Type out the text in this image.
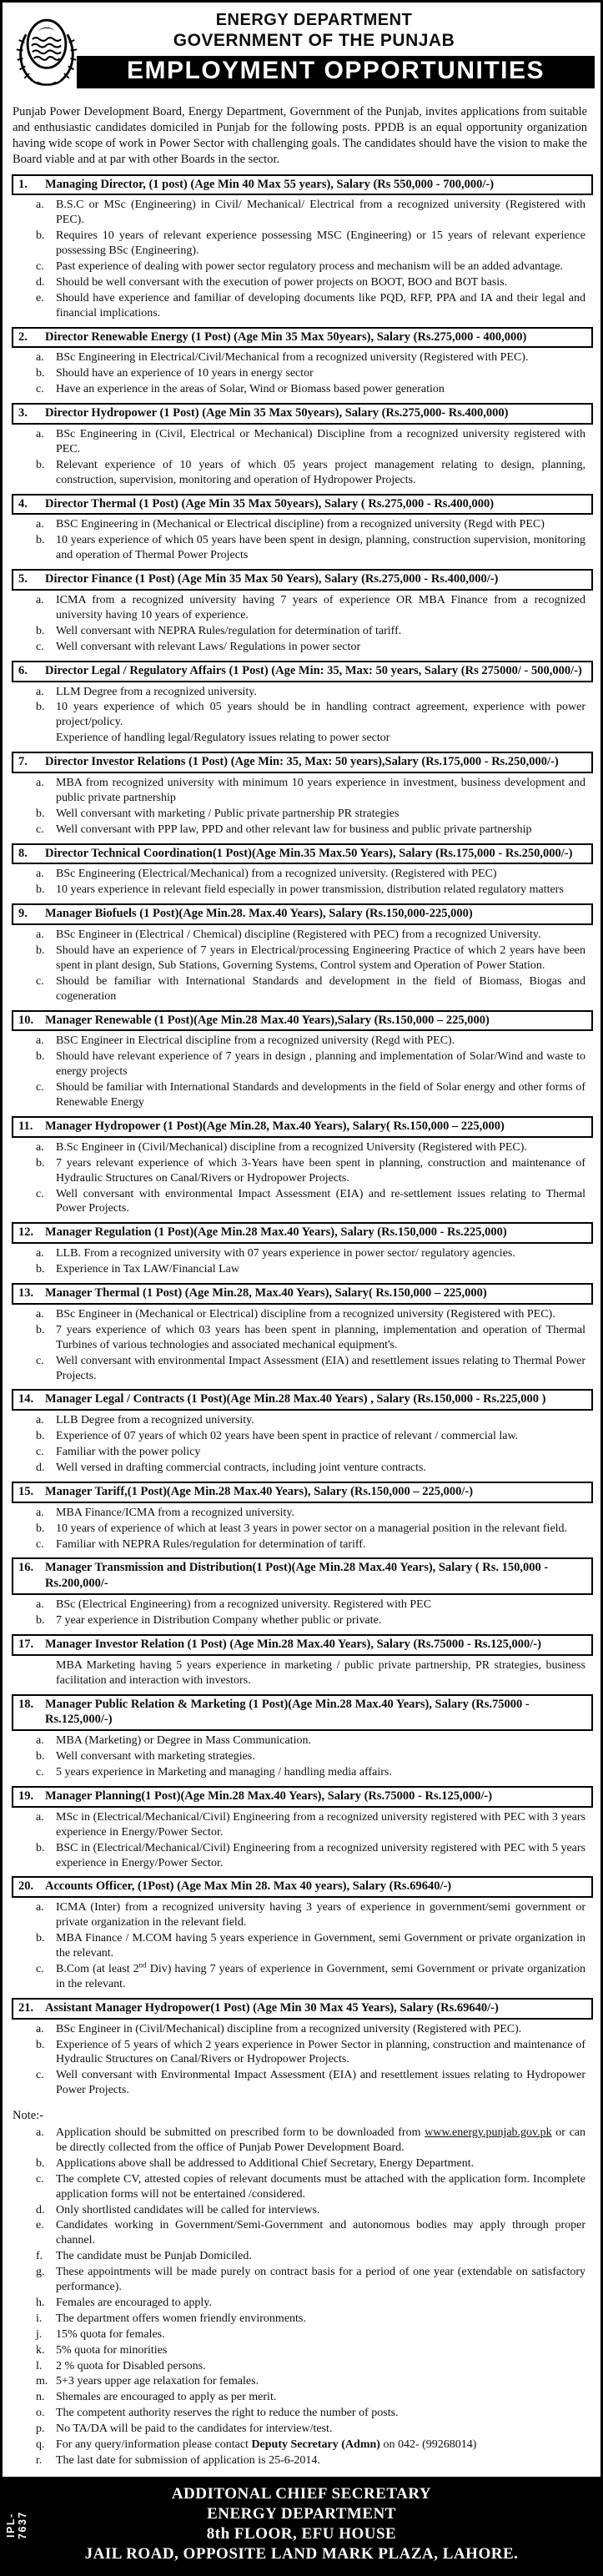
ENERGY DEPARTMENT
GOVERNMENT OF THE PUNJAB
EMPLOYMENT OPPORTUNITIES

Punjab Power Development Board, Energy Department, Government of the Punjab, invites applications from suitable and enthusiastic candidates domiciled in Punjab for the following posts. PPDB is an equal opportunity organization having wide scope of work in Power Sector with challenging goals. The candidates should have the vision to make the Board viable and at par with other Boards in the sector.

1.	Managing Director, (1 post) (Age Min 40 Max 55 years), Salary (Rs 550,000 - 700,000/-)
a.	B.S.C or MSc (Engineering) in Civil/ Mechanical/ Electrical from a recognized university (Registered with PEC).
b. Requires 10 years of relevant experience possessing MSC (Engineering) or 15 years of relevant experience possessing BSc (Engineering).
c.	Past experience of dealing with power sector regulatory process and mechanism will be an added advantage.
d. Should be well conversant with the execution of power projects on BOOT, BOO and BOT basis.
e.	Should have experience and familiar of developing documents like PQD, RFP, PPA and IA and their legal and financial implications.
2.	Director Renewable Energy (1 Post) (Age Min 35 Max 50years), Salary (Rs.275,000 - 400,000)
a.	BSc Engineering in Electrical/Civil/Mechanical from a recognized university (Registered with PEC).
b. Should have an experience of 10 years in energy sector
c.	Have an experience in the areas of Solar, Wind or Biomass based power generation
3.	Director Hydropower (1 Post) (Age Min 35 Max 50years), Salary (Rs.275,000- Rs.400,000)
a.	BSc Engineering in (Civil, Electrical or Mechanical) Discipline from a recognized university registered with PEC.
b. Relevant experience of 10 years of which 05 years project management relating to design, planning, construction, supervision, monitoring and operation of Hydropower Projects.
4.	Director Thermal (1 Post) (Age Min 35 Max 50years), Salary ( Rs.275,000 - Rs.400,000)
a.	BSC Engineering in (Mechanical or Electrical discipline) from a recognized university (Regd with PEC)
b. 10 years experience of which 05 years have been spent in design, planning, construction supervision, monitoring and operation of Thermal Power Projects
5.	Director Finance (1 Post) (Age Min 35 Max 50 Years), Salary (Rs.275,000 - Rs.400,000/-)
a.	ICMA from a recognized university having 7 years of experience OR MBA Finance from a recognized university having 10 years of experience.
b. Well conversant with NEPRA Rules/regulation for determination of tariff.
c.	Well conversant with relevant Laws/ Regulations in power sector
6.	Director Legal / Regulatory Affairs (1 Post) (Age Min: 35, Max: 50 years, Salary (Rs 275000/ - 500,000/-)
a.	LLM Degree from a recognized university.
b. 10 years experience of which 05 years should be in handling contract agreement, experience with power project/policy.
Experience of handling legal/Regulatory issues relating to power sector
7.	Director Investor Relations (1 Post) (Age Min: 35, Max: 50 years),Salary (Rs.175,000 - Rs.250,000/-)
a.	MBA from recognized university with minimum 10 years experience in investment, business development and public private partnership
b. Well conversant with marketing / Public private partnership PR strategies
c.	Well conversant with PPP law, PPD and other relevant law for business and public private partnership
8.	Director Technical Coordination(1 Post)(Age Min.35 Max.50 Years), Salary (Rs.175,000 - Rs.250,000/-)
a.	BSc Engineering (Electrical/Mechanical) from a recognized university. (Registered with PEC)
b. 10 years experience in relevant field especially in power transmission, distribution related regulatory matters
9.	Manager Biofuels (1 Post)(Age Min.28. Max.40 Years), Salary (Rs.150,000-225,000)
a.	BSc Engineer in (Electrical / Chemical) discipline (Registered with PEC) from a recognized University.
b. Should have an experience of 7 years in Electrical/processing Engineering Practice of which 2 years have been spent in plant design, Sub Stations, Governing Systems, Control system and Operation of Power Station.
c.	Should be familiar with International Standards and development in the field of Biomass, Biogas and cogeneration
10. Manager Renewable (1 Post)(Age Min.28 Max.40 Years),Salary (Rs.150,000 – 225,000)
a.	BSC Engineer in Electrical discipline from a recognized university (Regd with PEC).
b. Should have relevant experience of 7 years in design , planning and implementation of Solar/Wind and waste to energy projects
c.	Should be familiar with International Standards and developments in the field of Solar energy and other forms of Renewable Energy
11.	Manager Hydropower (1 Post)(Age Min.28, Max.40 Years), Salary( Rs.150,000 – 225,000)
a.	B.Sc Engineer in (Civil/Mechanical) discipline from a recognized University (Registered with PEC).
b. 7 years relevant experience of which 3-Years have been spent in planning, construction and maintenance of Hydraulic Structures on Canal/Rivers or Hydropower Projects.
c.	Well conversant with environmental Impact Assessment (EIA) and re-settlement issues relating to Thermal Power Projects.
12. Manager Regulation (1 Post)(Age Min.28 Max.40 Years), Salary (Rs.150,000 - Rs.225,000)
a.	LLB. From a recognized university with 07 years experience in power sector/ regulatory agencies.
b. Experience in Tax LAW/Financial Law
13. Manager Thermal (1 Post) (Age Min.28, Max.40 Years), Salary( Rs.150,000 – 225,000)
a.	BSc Engineer in (Mechanical or Electrical) discipline from a recognized university (Registered with PEC).
b. 7 years experience of which 03 years has been spent in planning, implementation and operation of Thermal Turbines of various technologies and associated mechanical equipment's.
c.	Well conversant with environmental Impact Assessment (EIA) and resettlement issues relating to Thermal Power Projects.
14. Manager Legal / Contracts (1 Post)(Age Min.28 Max.40 Years) , Salary (Rs.150,000 - Rs.225,000 )
a.	LLB Degree from a recognized university.
b. Experience of 07 years of which 02 years have been spent in practice of relevant / commercial law.
c.	Familiar with the power policy
d. Well versed in drafting commercial contracts, including joint venture contracts.
15. Manager Tariff,(1 Post)(Age Min.28 Max.40 Years), Salary (Rs.150,000 – 225,000/-)
a.	MBA Finance/ICMA from a recognized university.
b. 10 years of experience of which at least 3 years in power sector on a managerial position in the relevant field.
c.	Familiar with NEPRA Rules/regulation for determination of tariff.
16. Manager Transmission and Distribution(1 Post)(Age Min.28 Max.40 Years), Salary ( Rs. 150,000 - Rs.200,000/-
a.	BSc (Electrical Engineering) from a recognized university. Registered with PEC
b. 7 year experience in Distribution Company whether public or private.
17. Manager Investor Relation (1 Post) (Age Min.28 Max.40 Years), Salary (Rs.75000 - Rs.125,000/-)
MBA Marketing having 5 years experience in marketing / public private partnership, PR strategies, business facilitation and interaction with investors.
18. Manager Public Relation & Marketing (1 Post)(Age Min.28 Max.40 Years), Salary (Rs.75000 - Rs.125,000/-)
a.	MBA (Marketing) or Degree in Mass Communication.
b. Well conversant with marketing strategies.
c.	5 years experience in Marketing and managing / handling media affairs.
19. Manager Planning(1 Post)(Age Min.28 Max.40 Years), Salary (Rs.75000 - Rs.125,000/-)
a.	MSc in (Electrical/Mechanical/Civil) Engineering from a recognized university registered with PEC with 3 years experience in Energy/Power Sector.
b. BSC in (Electrical/Mechanical/Civil) Engineering from a recognized university registered with PEC with 5 years experience in Energy/Power Sector.
20. Accounts Officer, (1Post) (Age Max Min 28. Max 40 years), Salary (Rs.69640/-)
a.	ICMA (Inter) from a recognized university having 3 years of experience in government/semi government or private organization in the relevant field.
b. MBA Finance / M.COM having 5 years experience in Government, semi Government or private organization in the relevant.
c.	B.Com (at least 2nd Div) having 7 years of experience in Government, semi Government or private organization in the relevant.
21. Assistant Manager Hydropower(1 Post) (Age Min 30 Max 45 Years), Salary (Rs.69640/-)
a.	BSc Engineer in (Civil/Mechanical) discipline from a recognized university (Registered with PEC).
b. Experience of 5 years of which 2 years experience in Power Sector in planning, construction and maintenance of Hydraulic Structures on Canal/Rivers or Hydropower Projects.
c.	Well conversant with Environmental Impact Assessment (EIA) and resettlement issues relating to Hydropower Power Projects.
Note:-
a.	Application should be submitted on prescribed form to be downloaded from www.energy.punjab.gov.pk or can be directly collected from the office of Punjab Power Development Board.
b. Applications above shall be addressed to Additional Chief Secretary, Energy Department.
c.	The complete CV, attested copies of relevant documents must be attached with the application form. Incomplete application forms will not be entertained /considered.
d. Only shortlisted candidates will be called for interviews.
e.	Candidates working in Government/Semi-Government and autonomous bodies may apply through proper channel.
f.	The candidate must be Punjab Domiciled.
g. These appointments will be made purely on contract basis for a period of one year (extendable on satisfactory performance).
h. Females are encouraged to apply.
i.	The department offers women friendly environments.
j.	15% quota for females.
k. 5% quota for minorities
l.	2 % quota for Disabled persons.
m. 5+3 years upper age relaxation for females.
n. Shemales are encouraged to apply as per merit.
o. The competent authority reserves the right to reduce the number of posts.
p. No TA/DA will be paid to the candidates for interview/test.
q. For any query/information please contact Deputy Secretary (Admn) on 042- (99268014)
r.	The last date for submission of application is 25-6-2014.
IPL-7637
ADDITONAL CHIEF SECRETARY
ENERGY DEPARTMENT
8th FLOOR, EFU HOUSE
JAIL ROAD, OPPOSITE LAND MARK PLAZA, LAHORE.
